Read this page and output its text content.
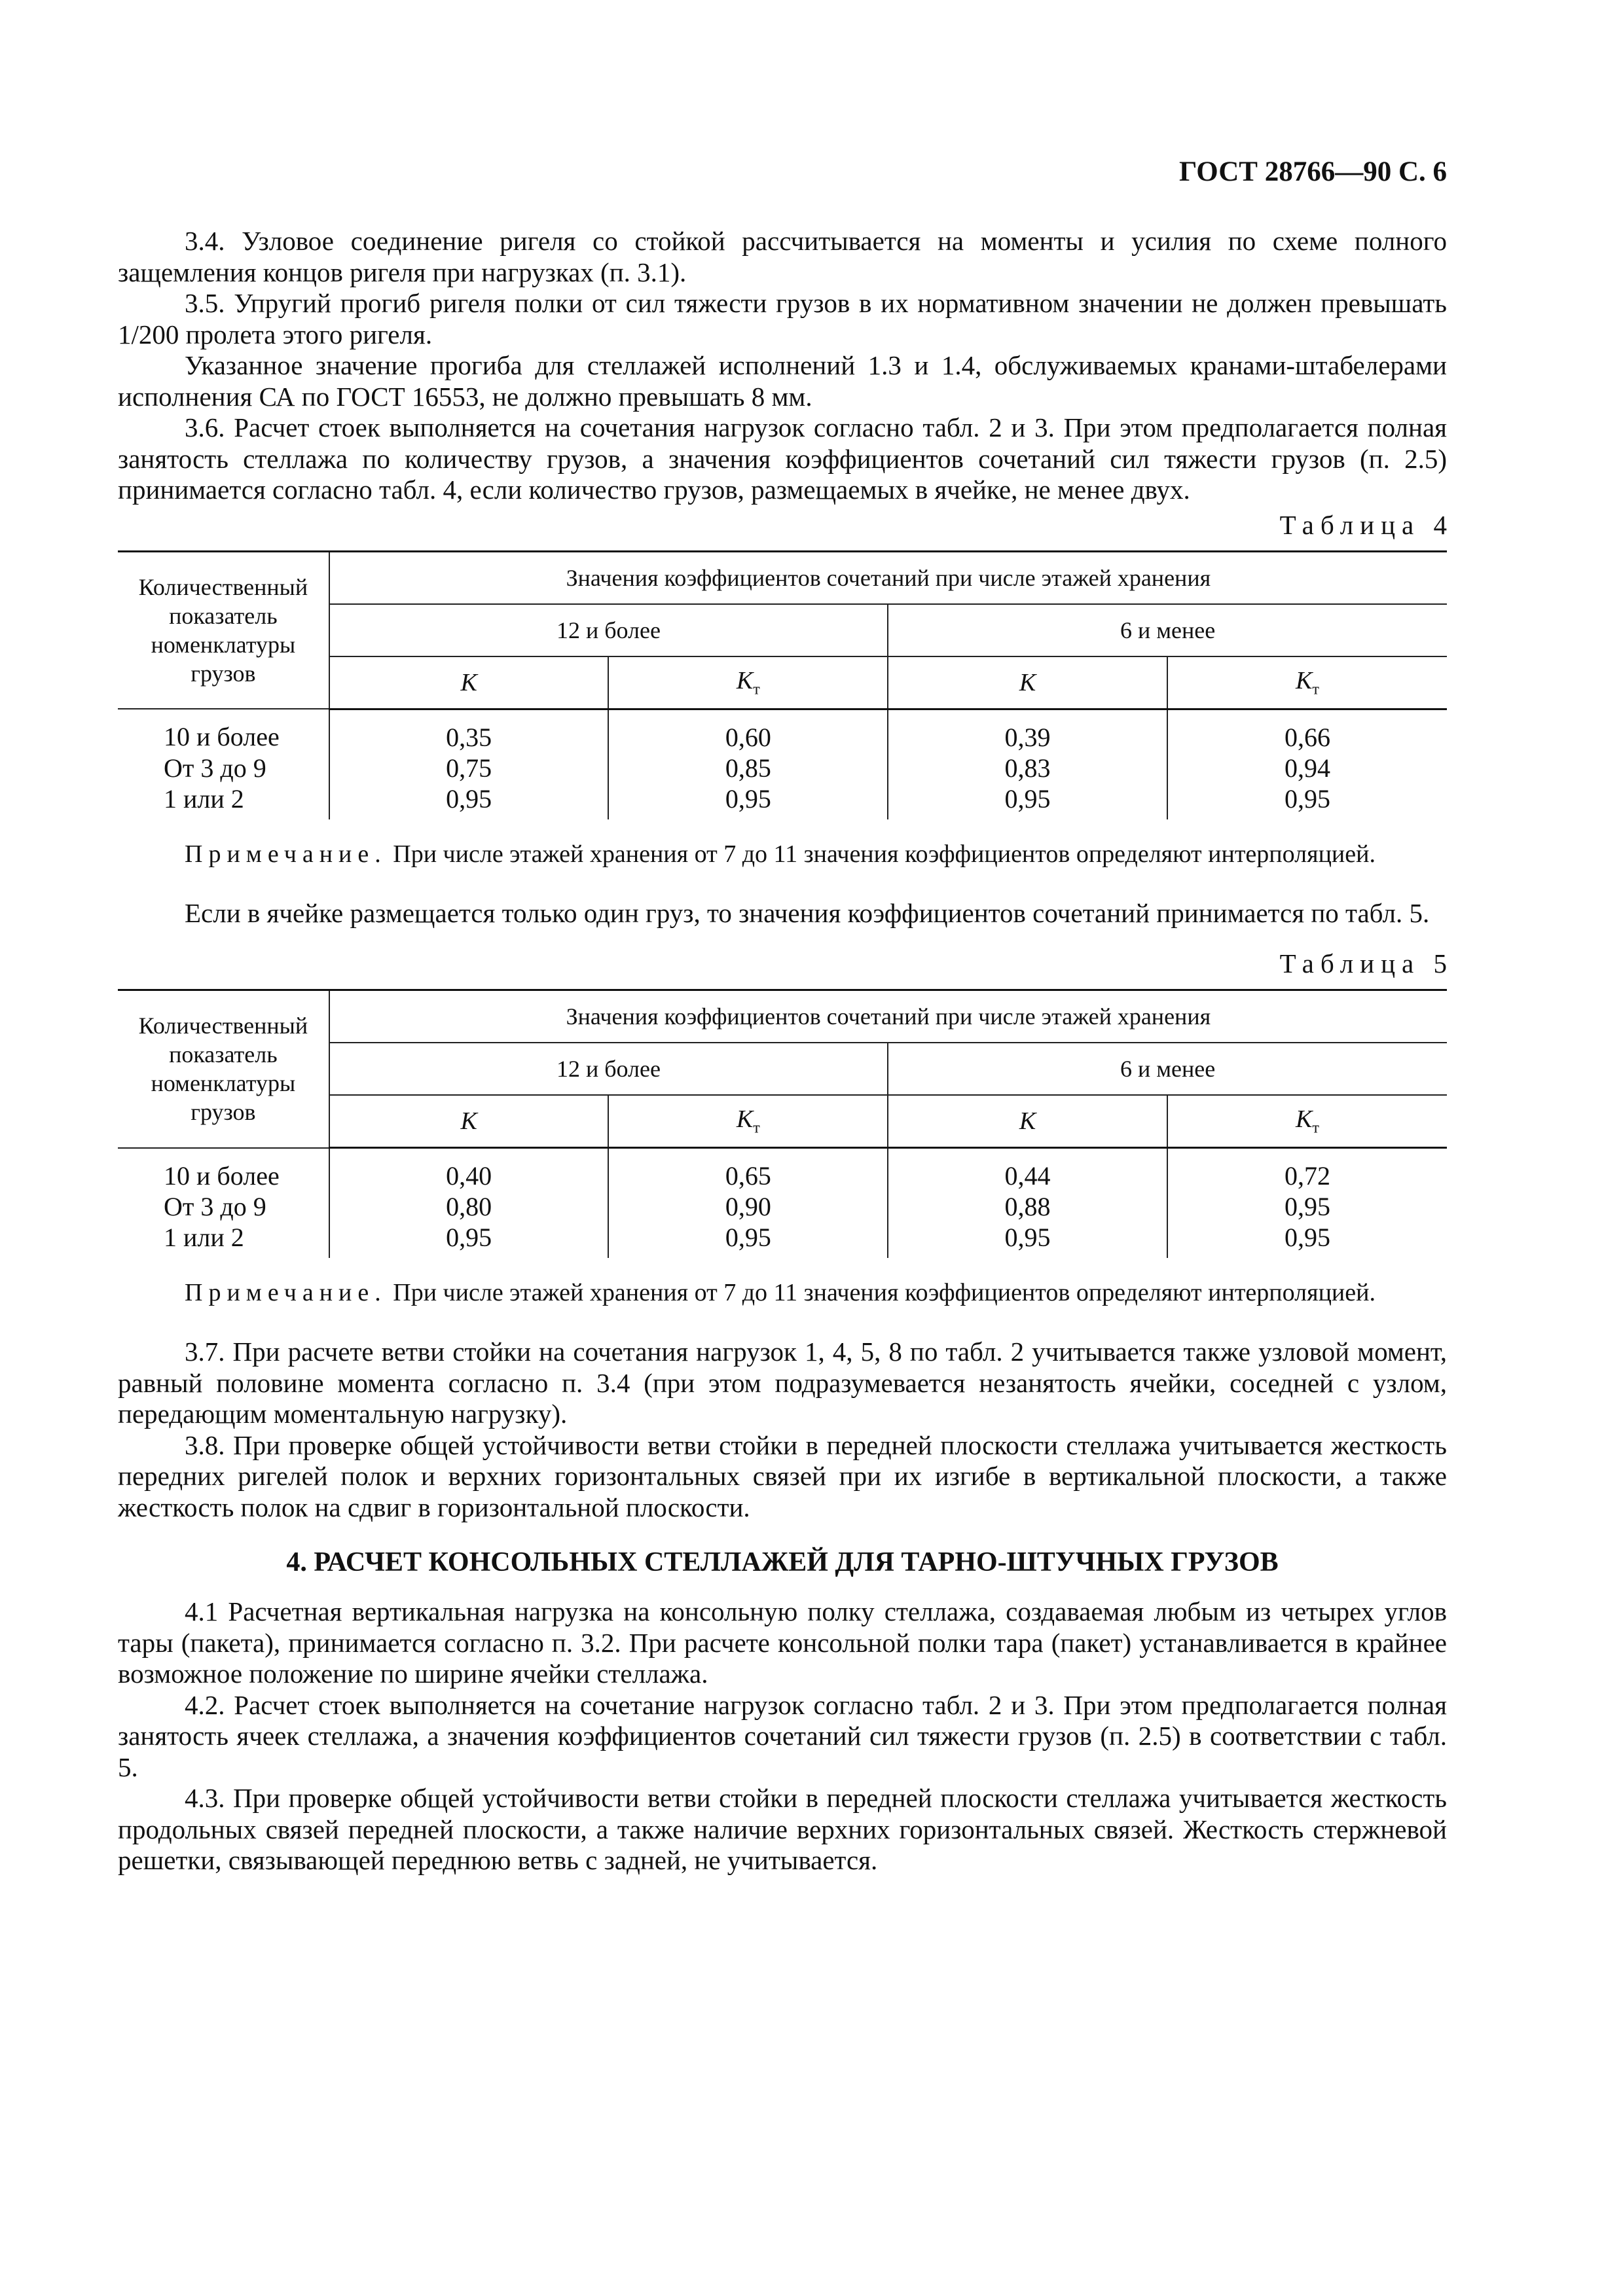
ГОСТ 28766—90 С. 6

3.4. Узловое соединение ригеля со стойкой рассчитывается на моменты и усилия по схеме полного защемления концов ригеля при нагрузках (п. 3.1).

3.5. Упругий прогиб ригеля полки от сил тяжести грузов в их нормативном значении не должен превышать 1/200 пролета этого ригеля.

Указанное значение прогиба для стеллажей исполнений 1.3 и 1.4, обслуживаемых кранами-штабелерами исполнения СА по ГОСТ 16553, не должно превышать 8 мм.

3.6. Расчет стоек выполняется на сочетания нагрузок согласно табл. 2 и 3. При этом предполагается полная занятость стеллажа по количеству грузов, а значения коэффициентов сочетаний сил тяжести грузов (п. 2.5) принимается согласно табл. 4, если количество грузов, размещаемых в ячейке, не менее двух.

Таблица 4
Количественный показатель номенклатуры грузов	Значения коэффициентов сочетаний при числе этажей хранения			
	12 и более		6 и менее	
	K	$K_т$	K	$K_т$
10 и более	0,35	0,60	0,39	0,66
От 3 до 9	0,75	0,85	0,83	0,94
1 или 2	0,95	0,95	0,95	0,95

Примечание. При числе этажей хранения от 7 до 11 значения коэффициентов определяют интерполяцией.

Если в ячейке размещается только один груз, то значения коэффициентов сочетаний принимается по табл. 5.

Таблица 5
Количественный показатель номенклатуры грузов	Значения коэффициентов сочетаний при числе этажей хранения			
	12 и более		6 и менее	
	K	$K_т$	K	$K_т$
10 и более	0,40	0,65	0,44	0,72
От 3 до 9	0,80	0,90	0,88	0,95
1 или 2	0,95	0,95	0,95	0,95

Примечание. При числе этажей хранения от 7 до 11 значения коэффициентов определяют интерполяцией.

3.7. При расчете ветви стойки на сочетания нагрузок 1, 4, 5, 8 по табл. 2 учитывается также узловой момент, равный половине момента согласно п. 3.4 (при этом подразумевается незанятость ячейки, соседней с узлом, передающим моментальную нагрузку).

3.8. При проверке общей устойчивости ветви стойки в передней плоскости стеллажа учитывается жесткость передних ригелей полок и верхних горизонтальных связей при их изгибе в вертикальной плоскости, а также жесткость полок на сдвиг в горизонтальной плоскости.

4. РАСЧЕТ КОНСОЛЬНЫХ СТЕЛЛАЖЕЙ ДЛЯ ТАРНО-ШТУЧНЫХ ГРУЗОВ

4.1 Расчетная вертикальная нагрузка на консольную полку стеллажа, создаваемая любым из четырех углов тары (пакета), принимается согласно п. 3.2. При расчете консольной полки тара (пакет) устанавливается в крайнее возможное положение по ширине ячейки стеллажа.

4.2. Расчет стоек выполняется на сочетание нагрузок согласно табл. 2 и 3. При этом предполагается полная занятость ячеек стеллажа, а значения коэффициентов сочетаний сил тяжести грузов (п. 2.5) в соответствии с табл. 5.

4.3. При проверке общей устойчивости ветви стойки в передней плоскости стеллажа учитывается жесткость продольных связей передней плоскости, а также наличие верхних горизонтальных связей. Жесткость стержневой решетки, связывающей переднюю ветвь с задней, не учитывается.
